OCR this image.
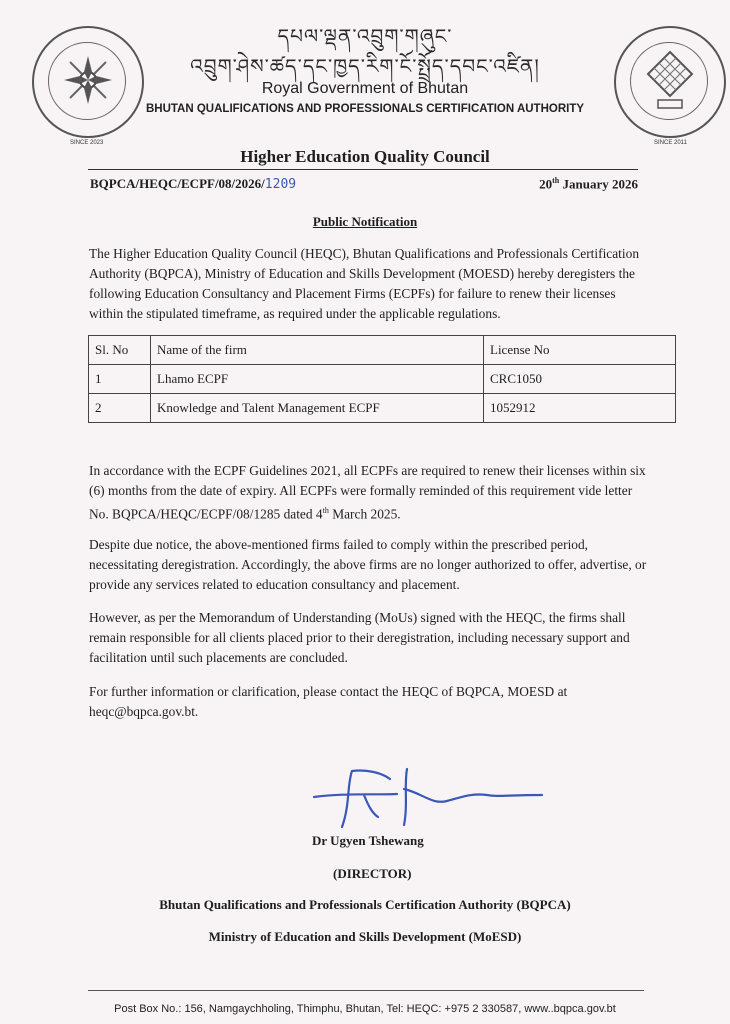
དཔལ་ལྡན་འབྲུག་གཞུང་
འབྲུག་ཤེས་ཚད་དང་ཁྱད་རིག་ངོ་སྤྲོད་དབང་འཛིན།
Royal Government of Bhutan
BHUTAN QUALIFICATIONS AND PROFESSIONALS CERTIFICATION AUTHORITY
SINCE 2023	SINCE 2011
Higher Education Quality Council
BQPCA/HEQC/ECPF/08/2026/1209	20th January 2026
Public Notification
The Higher Education Quality Council (HEQC), Bhutan Qualifications and Professionals Certification Authority (BQPCA), Ministry of Education and Skills Development (MOESD) hereby deregisters the following Education Consultancy and Placement Firms (ECPFs) for failure to renew their licenses within the stipulated timeframe, as required under the applicable regulations.
Sl. No	Name of the firm	License No
1	Lhamo ECPF	CRC1050
2	Knowledge and Talent Management ECPF	1052912
In accordance with the ECPF Guidelines 2021, all ECPFs are required to renew their licenses within six (6) months from the date of expiry. All ECPFs were formally reminded of this requirement vide letter No. BQPCA/HEQC/ECPF/08/1285 dated 4th March 2025.
Despite due notice, the above-mentioned firms failed to comply within the prescribed period, necessitating deregistration. Accordingly, the above firms are no longer authorized to offer, advertise, or provide any services related to education consultancy and placement.
However, as per the Memorandum of Understanding (MoUs) signed with the HEQC, the firms shall remain responsible for all clients placed prior to their deregistration, including necessary support and facilitation until such placements are concluded.
For further information or clarification, please contact the HEQC of BQPCA, MOESD at heqc@bqpca.gov.bt.
Dr Ugyen Tshewang
(DIRECTOR)
Bhutan Qualifications and Professionals Certification Authority (BQPCA)
Ministry of Education and Skills Development (MoESD)
Post Box No.: 156, Namgaychholing, Thimphu, Bhutan, Tel: HEQC: +975 2 330587, www..bqpca.gov.bt
